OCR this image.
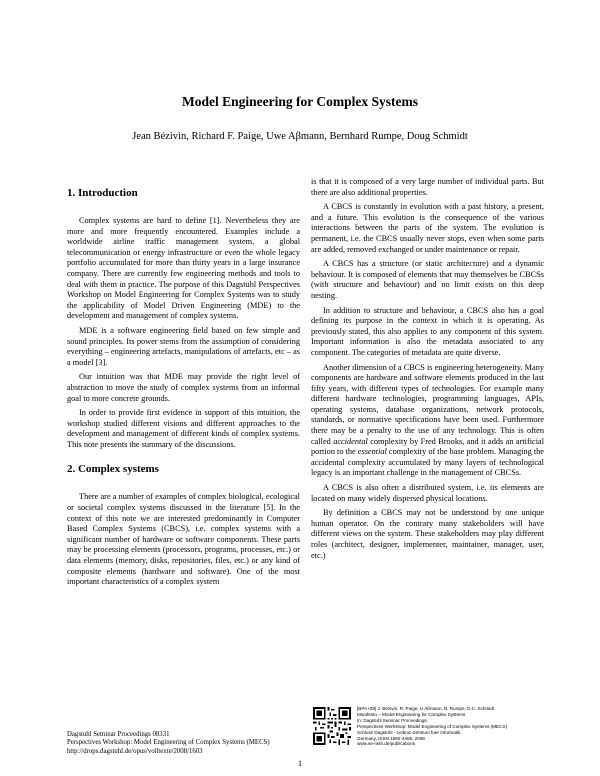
Model Engineering for Complex Systems
Jean Bézivin, Richard F. Paige, Uwe Aβmann, Bernhard Rumpe, Doug Schmidt
1. Introduction

Complex systems are hard to define [1]. Nevertheless they are more and more frequently encountered. Examples include a worldwide airline traffic management system, a global telecommunication or energy infrastructure or even the whole legacy portfolio accumulated for more than thirty years in a large insurance company. There are currently few engineering methods and tools to deal with them in practice. The purpose of this Dagstuhl Perspectives Workshop on Model Engineering for Complex Systems was to study the applicability of Model Driven Engineering (MDE) to the development and management of complex systems.

MDE is a software engineering field based on few simple and sound principles. Its power stems from the assumption of considering everything – engineering artefacts, manipulations of artefacts, etc – as a model [3].

Our intuition was that MDE may provide the right level of abstraction to move the study of complex systems from an informal goal to more concrete grounds.

In order to provide first evidence in support of this intuition, the workshop studied different visions and different approaches to the development and management of different kinds of complex systems. This note presents the summary of the discussions.

2. Complex systems

There are a number of examples of complex biological, ecological or societal complex systems discussed in the literature [5]. In the context of this note we are interested predominantly in Computer Based Complex Systems (CBCS), i.e. complex systems with a significant number of hardware or software components. These parts may be processing elements (processors, programs, processes, etc.) or data elements (memory, disks, repositories, files, etc.) or any kind of composite elements (hardware and software). One of the most important characteristics of a complex system

is that it is composed of a very large number of individual parts. But there are also additional properties.

A CBCS is constantly in evolution with a past history, a present, and a future. This evolution is the consequence of the various interactions between the parts of the system. The evolution is permanent, i.e. the CBCS usually never stops, even when some parts are added, removed exchanged or under maintenance or repair.

A CBCS has a structure (or static architecture) and a dynamic behaviour. It is composed of elements that may themselves be CBCSs (with structure and behaviour) and no limit exists on this deep nesting.

In addition to structure and behaviour, a CBCS also has a goal defining its purpose in the context in which it is operating. As previously stated, this also applies to any component of this system. Important information is also the metadata associated to any component. The categories of metadata are quite diverse.

Another dimension of a CBCS is engineering heterogeneity. Many components are hardware and software elements produced in the last fifty years, with different types of technologies. For example many different hardware technologies, programming languages, APIs, operating systems, database organizations, network protocols, standards, or normative specifications have been used. Furthermore there may be a penalty to the use of any technology. This is often called accidental complexity by Fred Brooks, and it adds an artificial portion to the essential complexity of the base problem. Managing the accidental complexity accumulated by many layers of technological legacy is an important challenge in the management of CBCSs.

A CBCS is also often a distributed system, i.e. its elements are located on many widely dispersed physical locations.

By definition a CBCS may not be understood by one unique human operator. On the contrary many stakeholders will have different views on the system. These stakeholders may play different roles (architect, designer, implementer, maintainer, manager, user, etc.)

Dagstuhl Seminar Proceedings 08331
Perspectives Workshop: Model Engineering of Complex Systems (MECS)
http://drops.dagstuhl.de/opus/volltexte/2008/1603
[BPA+08] J. Bezivin, R. Paige, U Aßmann, B. Rumpe, D.C. Schmidt
Manifesto – Model Engineering for Complex Systems
In: Dagstuhl Seminar Proceedings.
Perspectives Workshop: Model Engineering of Complex Systems (MECS)
Schloss Dagstuhl - Leibniz-Zentrum fuer Informatik,
Germany, ISSN 1862-4405, 2008
www.se-rwth.de/publications
1
